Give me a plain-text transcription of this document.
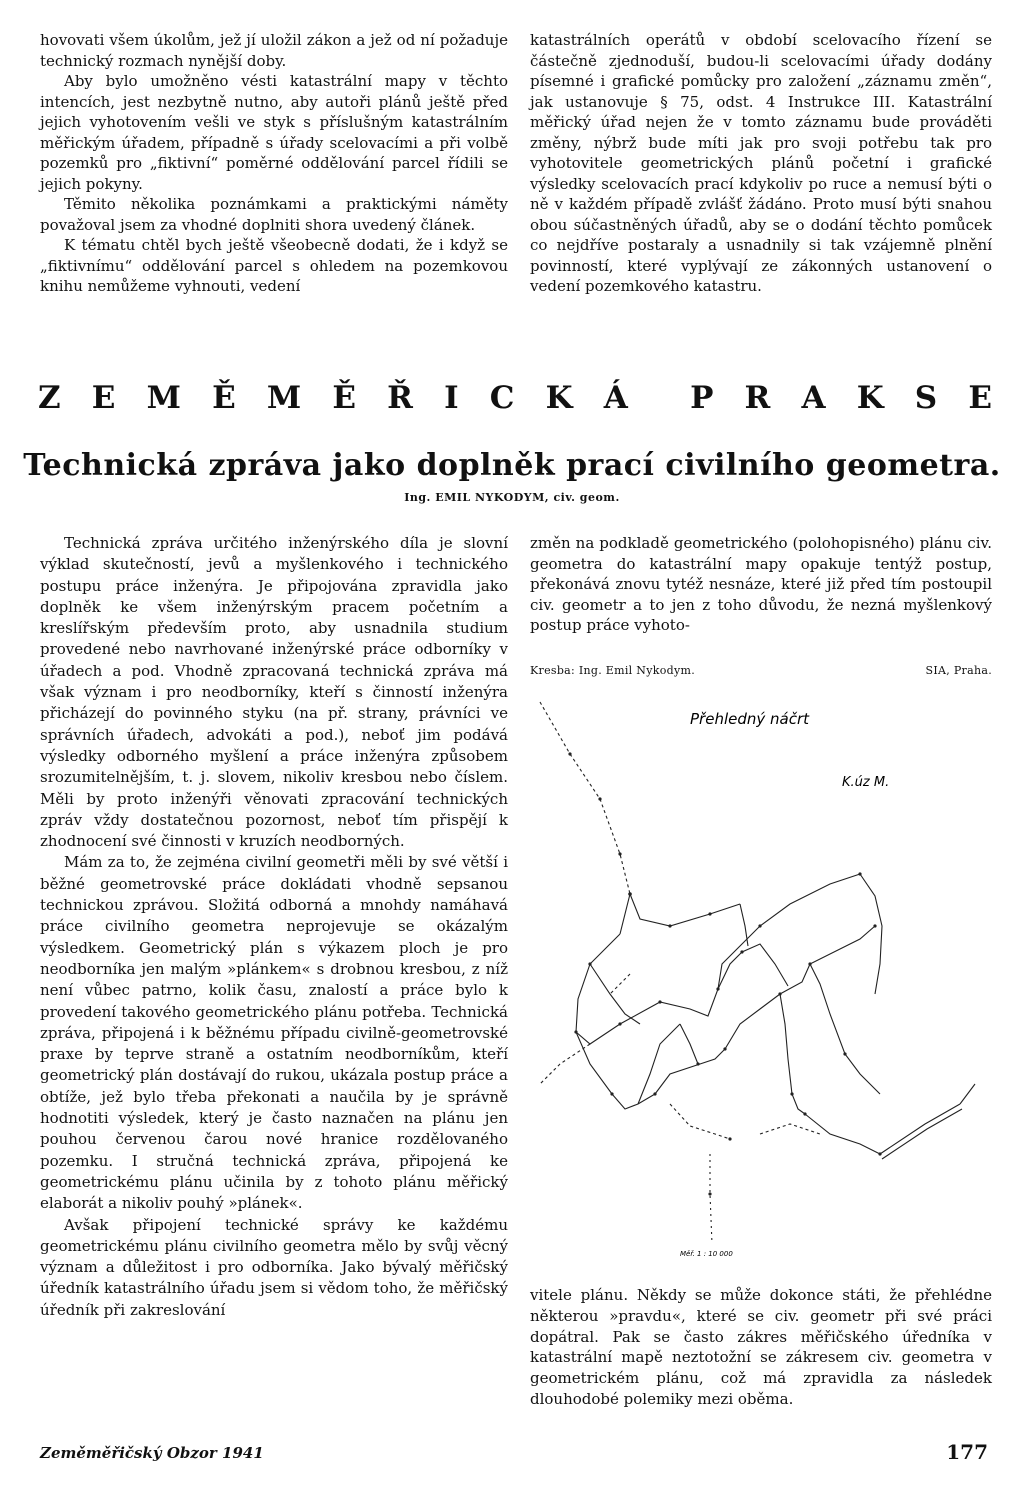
hovovati všem úkolům, jež jí uložil zákon a jež od ní požaduje technický rozmach nynější doby.

Aby bylo umožněno vésti katastrální mapy v těchto intencích, jest nezbytně nutno, aby autoři plánů ještě před jejich vyhotovením vešli ve styk s příslušným katastrálním měřickým úřadem, případně s úřady scelovacími a při volbě pozemků pro „fiktivní“ poměrné oddělování parcel řídili se jejich pokyny.

Těmito několika poznámkami a praktickými náměty považoval jsem za vhodné doplniti shora uvedený článek.

K tématu chtěl bych ještě všeobecně dodati, že i když se „fiktivnímu“ oddělování parcel s ohledem na pozemkovou knihu nemůžeme vyhnouti, vedení

katastrálních operátů v období scelovacího řízení se částečně zjednoduší, budou-li scelovacími úřady dodány písemné i grafické pomůcky pro založení „záznamu změn“, jak ustanovuje § 75, odst. 4 Instrukce III. Katastrální měřický úřad nejen že v tomto záznamu bude prováděti změny, nýbrž bude míti jak pro svoji potřebu tak pro vyhotovitele geometrických plánů početní i grafické výsledky scelovacích prací kdykoliv po ruce a nemusí býti o ně v každém případě zvlášť žádáno. Proto musí býti snahou obou súčastněných úřadů, aby se o dodání těchto pomůcek co nejdříve postaraly a usnadnily si tak vzájemně plnění povinností, které vyplývají ze zákonných ustanovení o vedení pozemkového katastru.

Z E M Ě M Ě Ř I C K Á P R A K S E
Technická zpráva jako doplněk prací civilního geometra.
Ing. EMIL NYKODYM, civ. geom.

Technická zpráva určitého inženýrského díla je slovní výklad skutečností, jevů a myšlenkového i technického postupu práce inženýra. Je připojována zpravidla jako doplněk ke všem inženýrským pracem početním a kreslířským především proto, aby usnadnila studium provedené nebo navrhované inženýrské práce odborníky v úřadech a pod. Vhodně zpracovaná technická zpráva má však význam i pro neodborníky, kteří s činností inženýra přicházejí do povinného styku (na př. strany, právníci ve správních úřadech, advokáti a pod.), neboť jim podává výsledky odborného myšlení a práce inženýra způsobem srozumitelnějším, t. j. slovem, nikoliv kresbou nebo číslem. Měli by proto inženýři věnovati zpracování technických zpráv vždy dostatečnou pozornost, neboť tím přispějí k zhodnocení své činnosti v kruzích neodborných.

Mám za to, že zejména civilní geometři měli by své větší i běžné geometrovské práce dokládati vhodně sepsanou technickou zprávou. Složitá odborná a mnohdy namáhavá práce civilního geometra neprojevuje se okázalým výsledkem. Geometrický plán s výkazem ploch je pro neodborníka jen malým »plánkem« s drobnou kresbou, z níž není vůbec patrno, kolik času, znalostí a práce bylo k provedení takového geometrického plánu potřeba. Technická zpráva, připojená i k běžnému případu civilně-geometrovské praxe by teprve straně a ostatním neodborníkům, kteří geometrický plán dostávají do rukou, ukázala postup práce a obtíže, jež bylo třeba překonati a naučila by je správně hodnotiti výsledek, který je často naznačen na plánu jen pouhou červenou čarou nové hranice rozdělovaného pozemku. I stručná technická zpráva, připojená ke geometrickému plánu učinila by z tohoto plánu měřický elaborát a nikoliv pouhý »plánek«.

Avšak připojení technické správy ke každému geometrickému plánu civilního geometra mělo by svůj věcný význam a důležitost i pro odborníka. Jako bývalý měřičský úředník katastrálního úřadu jsem si vědom toho, že měřičský úředník při zakreslování

změn na podkladě geometrického (polohopisného) plánu civ. geometra do katastrální mapy opakuje tentýž postup, překonává znovu tytéž nesnáze, které již před tím postoupil civ. geometr a to jen z toho důvodu, že nezná myšlenkový postup práce vyhoto-

Kresba: Ing. Emil Nykodym.	SIA, Praha.
Přehledný náčrt
K.úz M.
Měř. 1 : 10 000

vitele plánu. Někdy se může dokonce státi, že přehlédne některou »pravdu«, které se civ. geometr při své práci dopátral. Pak se často zákres měřičského úředníka v katastrální mapě neztotožní se zákresem civ. geometra v geometrickém plánu, což má zpravidla za následek dlouhodobé polemiky mezi oběma.

Zeměměřičský Obzor 1941	177
